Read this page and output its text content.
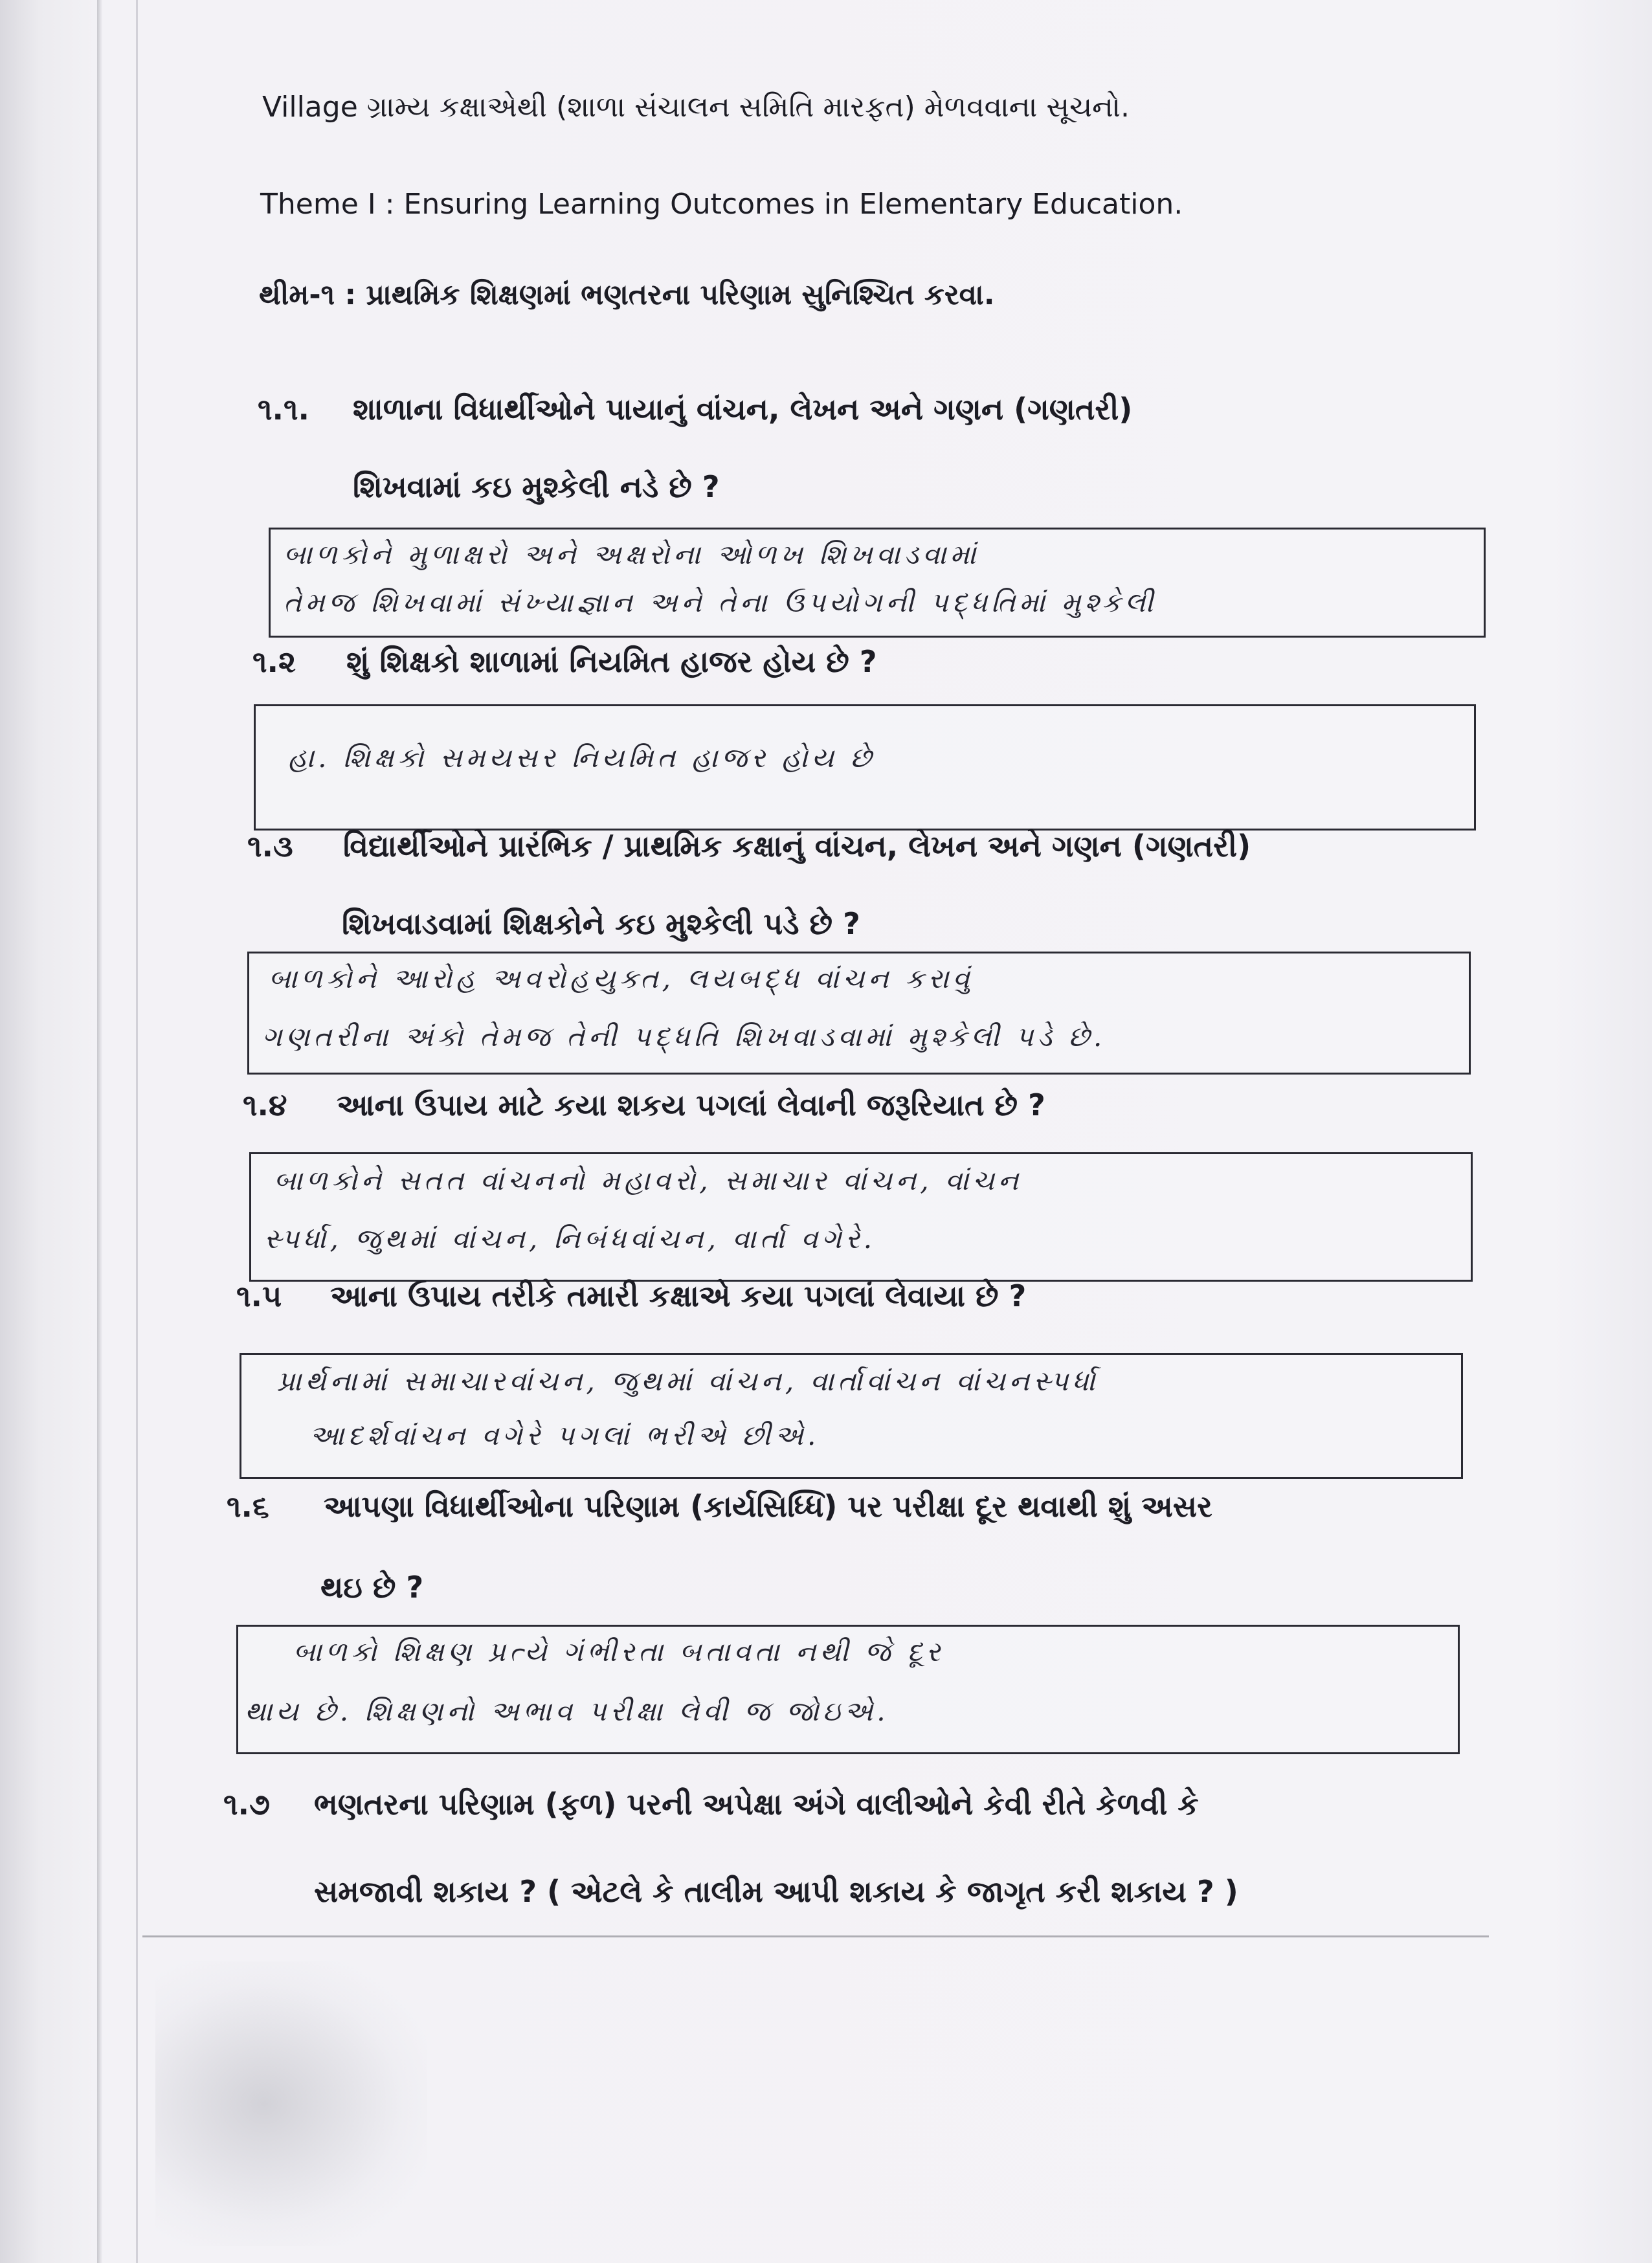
Village ગ્રામ્ય કક્ષાએથી (શાળા સંચાલન સમિતિ મારફત) મેળવવાના સૂચનો.
Theme I : Ensuring Learning Outcomes in Elementary Education.
થીમ-૧ : પ્રાથમિક શિક્ષણમાં ભણતરના પરિણામ સુનિશ્ચિત કરવા.
૧.૧. શાળાના વિધાર્થીઓને પાયાનું વાંચન, લેખન અને ગણન (ગણતરી)
શિખવામાં કઇ મુશ્કેલી નડે છે ?
બાળકોને મુળાક્ષરો અને અક્ષરોના ઓળખ શિખવાડવામાં
તેમજ શિખવામાં સંખ્યાજ્ઞાન અને તેના ઉપયોગની પદ્ધતિમાં મુશ્કેલી
૧.૨ શું શિક્ષકો શાળામાં નિયમિત હાજર હોય છે ?
હા. શિક્ષકો સમયસર નિયમિત હાજર હોય છે
૧.૩ વિદ્યાર્થીઓને પ્રારંભિક / પ્રાથમિક કક્ષાનું વાંચન, લેખન અને ગણન (ગણતરી)
શિખવાડવામાં શિક્ષકોને કઇ મુશ્કેલી પડે છે ?
બાળકોને આરોહ અવરોહયુક્ત, લયબદ્ધ વાંચન કરાવું
ગણતરીના અંકો તેમજ તેની પદ્ધતિ શિખવાડવામાં મુશ્કેલી પડે છે.
૧.૪ આના ઉપાય માટે કયા શકય પગલાં લેવાની જરૂરિયાત છે ?
બાળકોને સતત વાંચનનો મહાવરો, સમાચાર વાંચન, વાંચન
સ્પર્ધા, જુથમાં વાંચન, નિબંધવાંચન, વાર્તા વગેરે.
૧.૫ આના ઉપાય તરીકે તમારી કક્ષાએ કયા પગલાં લેવાયા છે ?
પ્રાર્થનામાં સમાચારવાંચન, જુથમાં વાંચન, વાર્તાવાંચન વાંચનસ્પર્ધા
આદર્શવાંચન વગેરે પગલાં ભરીએ છીએ.
૧.૬ આપણા વિધાર્થીઓના પરિણામ (કાર્યસિધ્ધિ) પર પરીક્ષા દૂર થવાથી શું અસર
થઇ છે ?
બાળકો શિક્ષણ પ્રત્યે ગંભીરતા બતાવતા નથી જે દૂર
થાય છે. શિક્ષણનો અભાવ પરીક્ષા લેવી જ જોઇએ.
૧.૭ ભણતરના પરિણામ (ફળ) પરની અપેક્ષા અંગે વાલીઓને કેવી રીતે કેળવી કે
સમજાવી શકાય ? ( એટલે કે તાલીમ આપી શકાય કે જાગૃત કરી શકાય ? )
